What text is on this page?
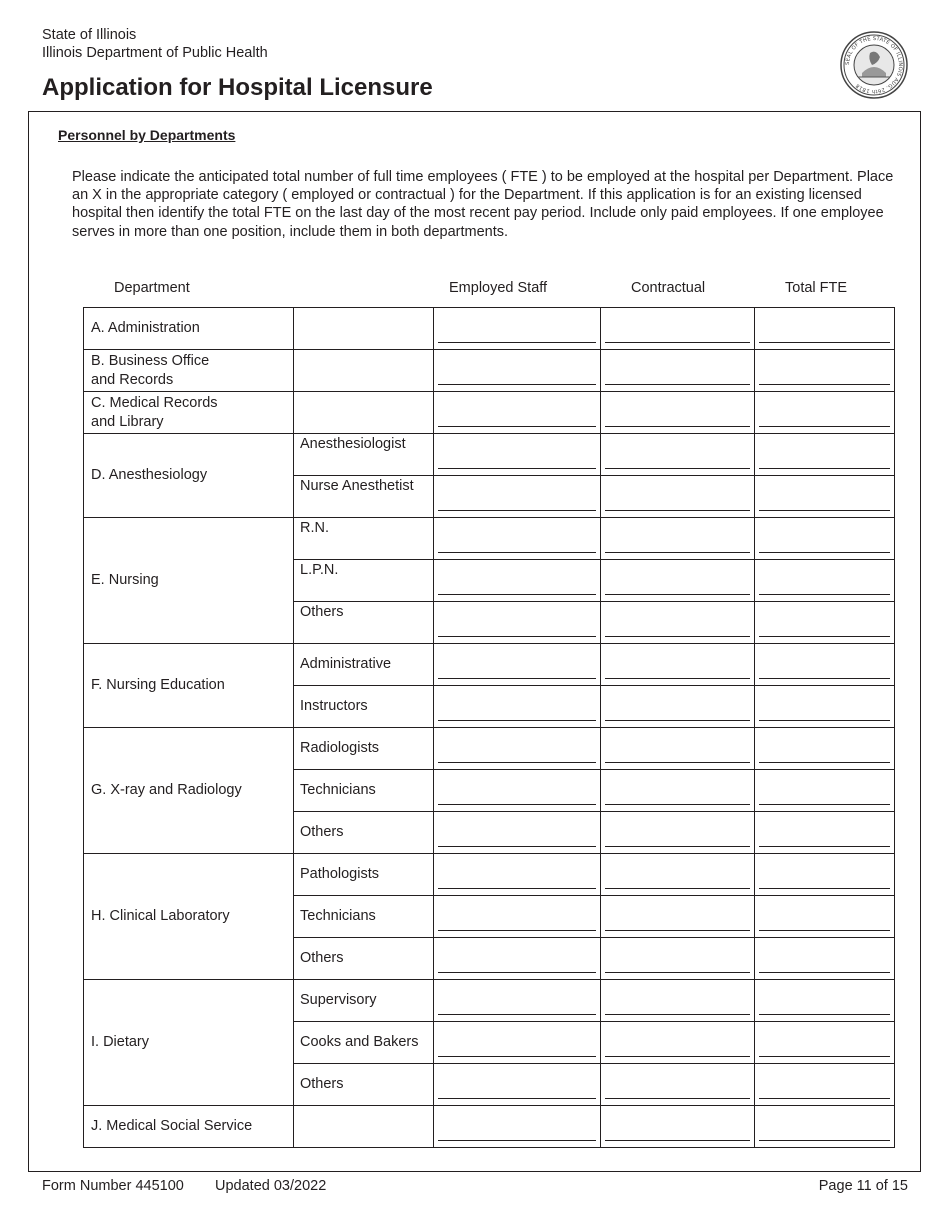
State of Illinois
Illinois Department of Public Health
Application for Hospital Licensure
SEAL OF THE STATE OF ILLINOIS AUG. 26th 1818
Personnel by Departments
Please indicate the anticipated total number of full time employees ( FTE ) to be employed at the hospital per Department. Place an X in the appropriate category ( employed or contractual ) for the Department. If this application is for an existing licensed hospital then identify the total FTE on the last day of the most recent pay period. Include only paid employees. If one employee serves in more than one position, include them in both departments.
Department	Employed Staff	Contractual	Total FTE
A. Administration				
B. Business Office
and Records				
C. Medical Records
and Library				
D. Anesthesiology	Anesthesiologist			
	Nurse Anesthetist			
E. Nursing	R.N.			
	L.P.N.			
	Others			
F. Nursing Education	Administrative			
	Instructors			
G. X-ray and Radiology	Radiologists			
	Technicians			
	Others			
H. Clinical Laboratory	Pathologists			
	Technicians			
	Others			
I. Dietary	Supervisory			
	Cooks and Bakers			
	Others			
J. Medical Social Service				
Form Number 445100 Updated 03/2022	Page 11 of 15
